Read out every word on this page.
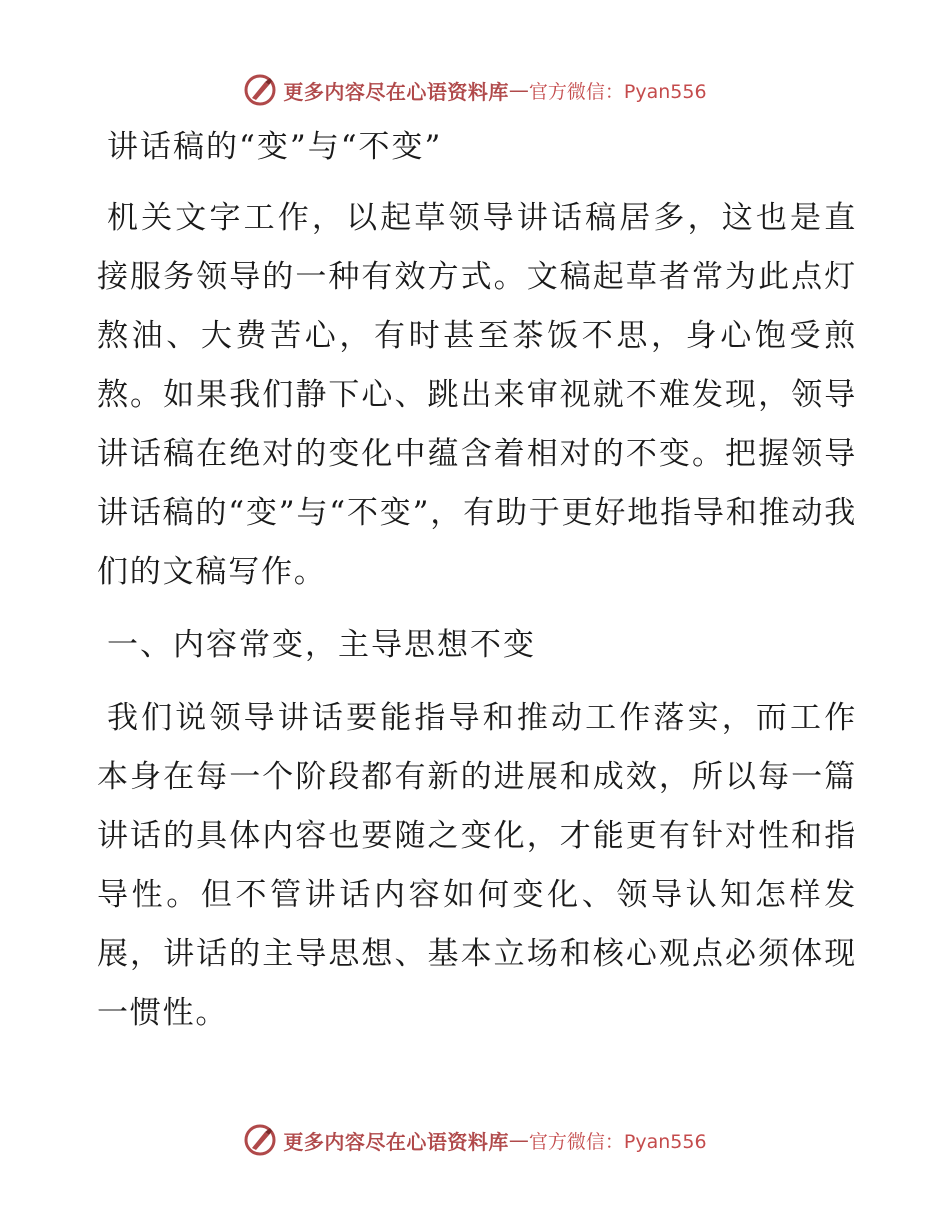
更多内容尽在心语资料库 — 官方微信：Pyan556

讲话稿的“变”与“不变”

机关文字工作，以起草领导讲话稿居多，这也是直接服务领导的一种有效方式。文稿起草者常为此点灯熬油、大费苦心，有时甚至茶饭不思，身心饱受煎熬。如果我们静下心、跳出来审视就不难发现，领导讲话稿在绝对的变化中蕴含着相对的不变。把握领导讲话稿的“变”与“不变”，有助于更好地指导和推动我们的文稿写作。

一、内容常变，主导思想不变

我们说领导讲话要能指导和推动工作落实，而工作本身在每一个阶段都有新的进展和成效，所以每一篇讲话的具体内容也要随之变化，才能更有针对性和指导性。但不管讲话内容如何变化、领导认知怎样发展，讲话的主导思想、基本立场和核心观点必须体现一惯性。

更多内容尽在心语资料库 — 官方微信：Pyan556
